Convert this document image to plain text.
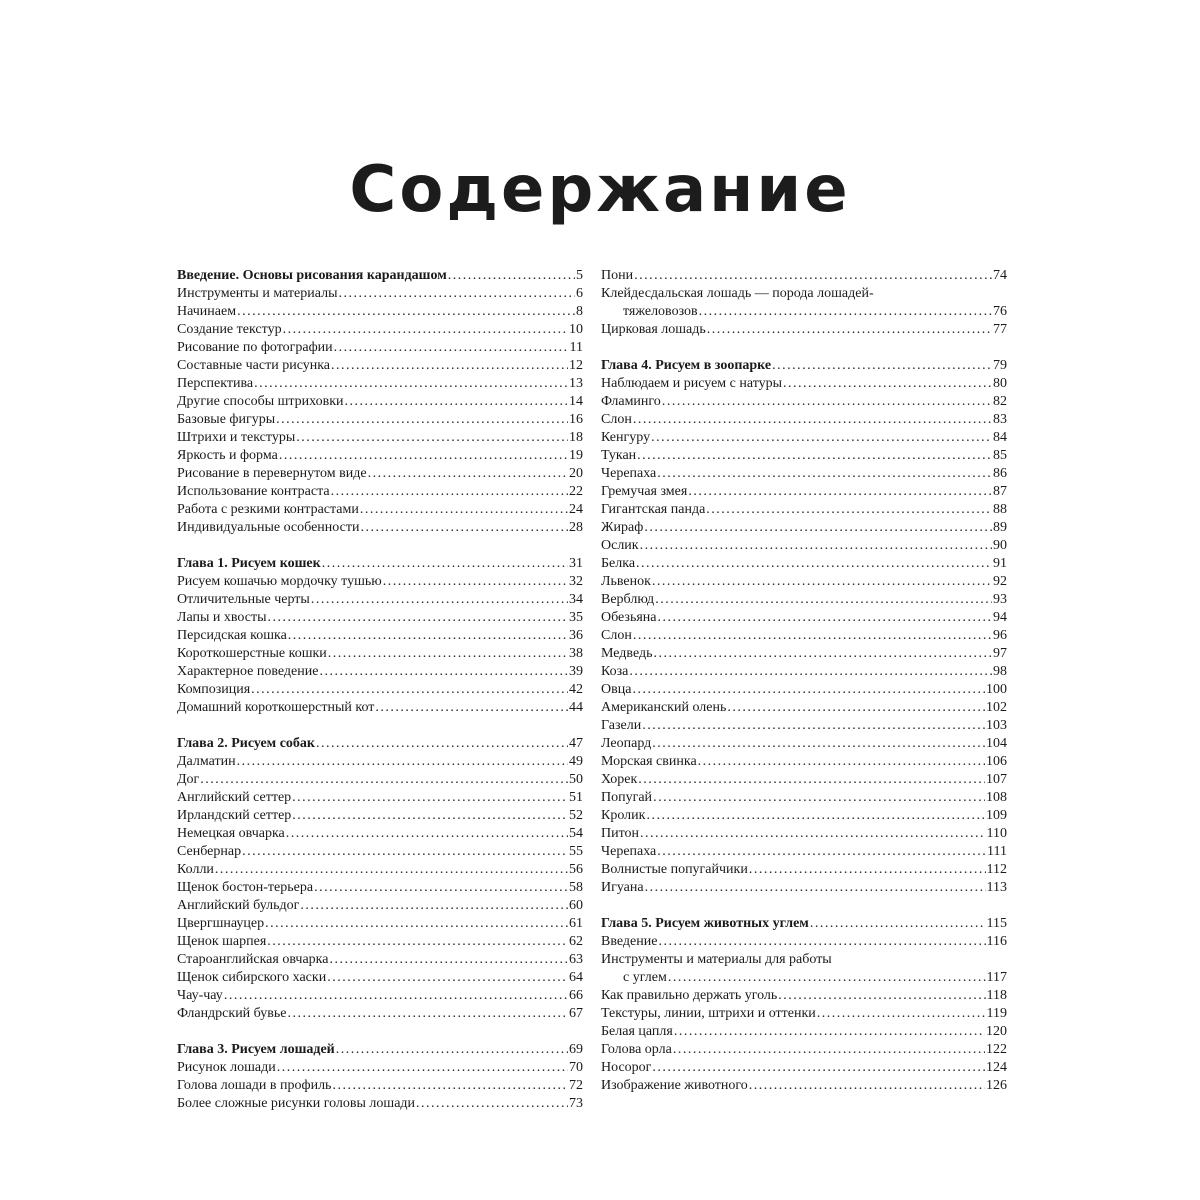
Содержание
Введение. Основы рисования карандашом . . .	5
Инструменты и материалы . . .	6
Начинаем . . .	8
Создание текстур . . .	10
Рисование по фотографии . . .	11
Составные части рисунка . . .	12
Перспектива . . .	13
Другие способы штриховки . . .	14
Базовые фигуры . . .	16
Штрихи и текстуры . . .	18
Яркость и форма . . .	19
Рисование в перевернутом виде . . .	20
Использование контраста . . .	22
Работа с резкими контрастами . . .	24
Индивидуальные особенности . . .	28
Глава 1. Рисуем кошек . . .	31
Рисуем кошачью мордочку тушью . . .	32
Отличительные черты . . .	34
Лапы и хвосты . . .	35
Персидская кошка . . .	36
Короткошерстные кошки . . .	38
Характерное поведение . . .	39
Композиция . . .	42
Домашний короткошерстный кот . . .	44
Глава 2. Рисуем собак . . .	47
Далматин . . .	49
Дог . . .	50
Английский сеттер . . .	51
Ирландский сеттер . . .	52
Немецкая овчарка . . .	54
Сенбернар . . .	55
Колли . . .	56
Щенок бостон-терьера . . .	58
Английский бульдог . . .	60
Цвергшнауцер . . .	61
Щенок шарпея . . .	62
Староанглийская овчарка . . .	63
Щенок сибирского хаски . . .	64
Чау-чау . . .	66
Фландрский бувье . . .	67
Глава 3. Рисуем лошадей . . .	69
Рисунок лошади . . .	70
Голова лошади в профиль . . .	72
Более сложные рисунки головы лошади . . .	73
Пони . . .	74
Клейдесдальская лошадь — порода лошадей-
тяжеловозов . . .	76
Цирковая лошадь . . .	77
Глава 4. Рисуем в зоопарке . . .	79
Наблюдаем и рисуем с натуры . . .	80
Фламинго . . .	82
Слон . . .	83
Кенгуру . . .	84
Тукан . . .	85
Черепаха . . .	86
Гремучая змея . . .	87
Гигантская панда . . .	88
Жираф . . .	89
Ослик . . .	90
Белка . . .	91
Львенок . . .	92
Верблюд . . .	93
Обезьяна . . .	94
Слон . . .	96
Медведь . . .	97
Коза . . .	98
Овца . . .	100
Американский олень . . .	102
Газели . . .	103
Леопард . . .	104
Морская свинка . . .	106
Хорек . . .	107
Попугай . . .	108
Кролик . . .	109
Питон . . .	110
Черепаха . . .	111
Волнистые попугайчики . . .	112
Игуана . . .	113
Глава 5. Рисуем животных углем . . .	115
Введение . . .	116
Инструменты и материалы для работы
с углем . . .	117
Как правильно держать уголь . . .	118
Текстуры, линии, штрихи и оттенки . . .	119
Белая цапля . . .	120
Голова орла . . .	122
Носорог . . .	124
Изображение животного . . .	126
